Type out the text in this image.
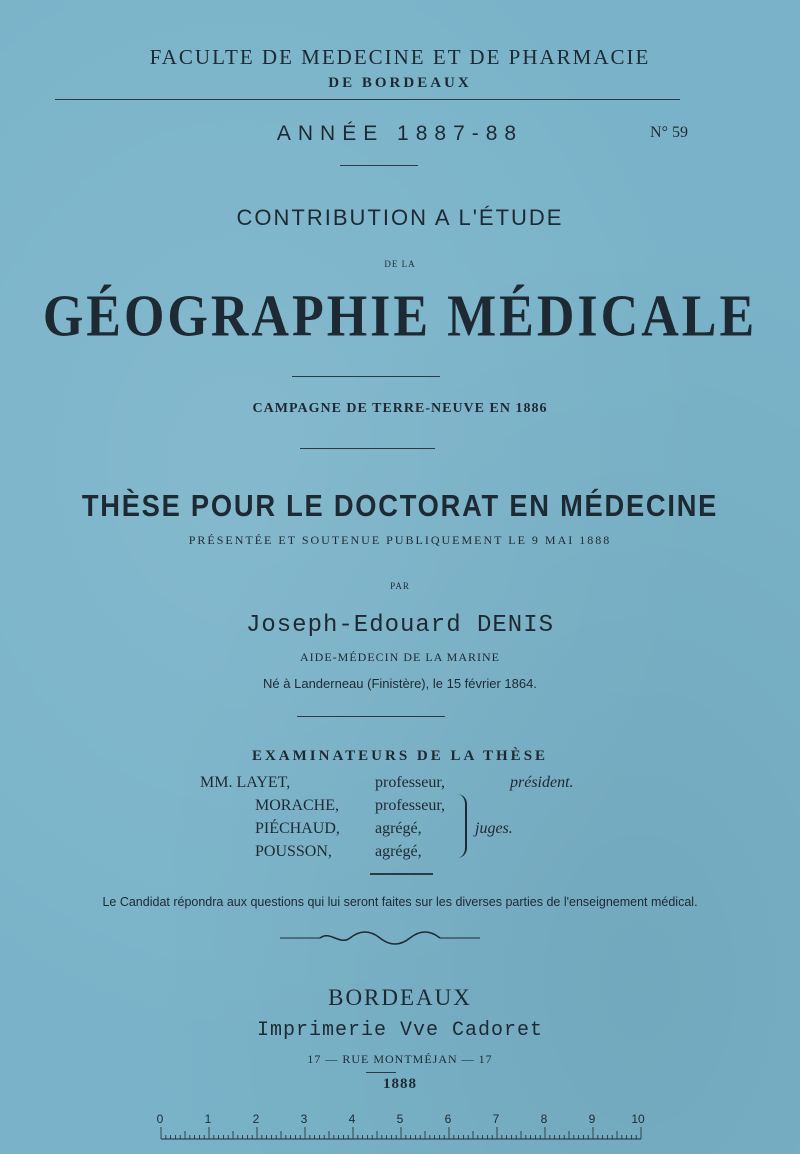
FACULTE DE MEDECINE ET DE PHARMACIE
DE BORDEAUX
ANNÉE 1887-88	N° 59
CONTRIBUTION A L'ÉTUDE
DE LA
GÉOGRAPHIE MÉDICALE
CAMPAGNE DE TERRE-NEUVE EN 1886
THÈSE POUR LE DOCTORAT EN MÉDECINE
PRÉSENTÉE ET SOUTENUE PUBLIQUEMENT LE 9 MAI 1888
PAR
Joseph-Edouard DENIS
AIDE-MÉDECIN DE LA MARINE
Né à Landerneau (Finistère), le 15 février 1864.
EXAMINATEURS DE LA THÈSE
MM. LAYET,	professeur,	président.
MORACHE, professeur,
PIÉCHAUD, agrégé,
POUSSON,	agrégé,
juges.
Le Candidat répondra aux questions qui lui seront faites sur les diverses parties de l'enseignement médical.
BORDEAUX
Imprimerie Vve Cadoret
17 — RUE MONTMÉJAN — 17
1888
0	1	2	3	4	5	6	7	8	9	10
